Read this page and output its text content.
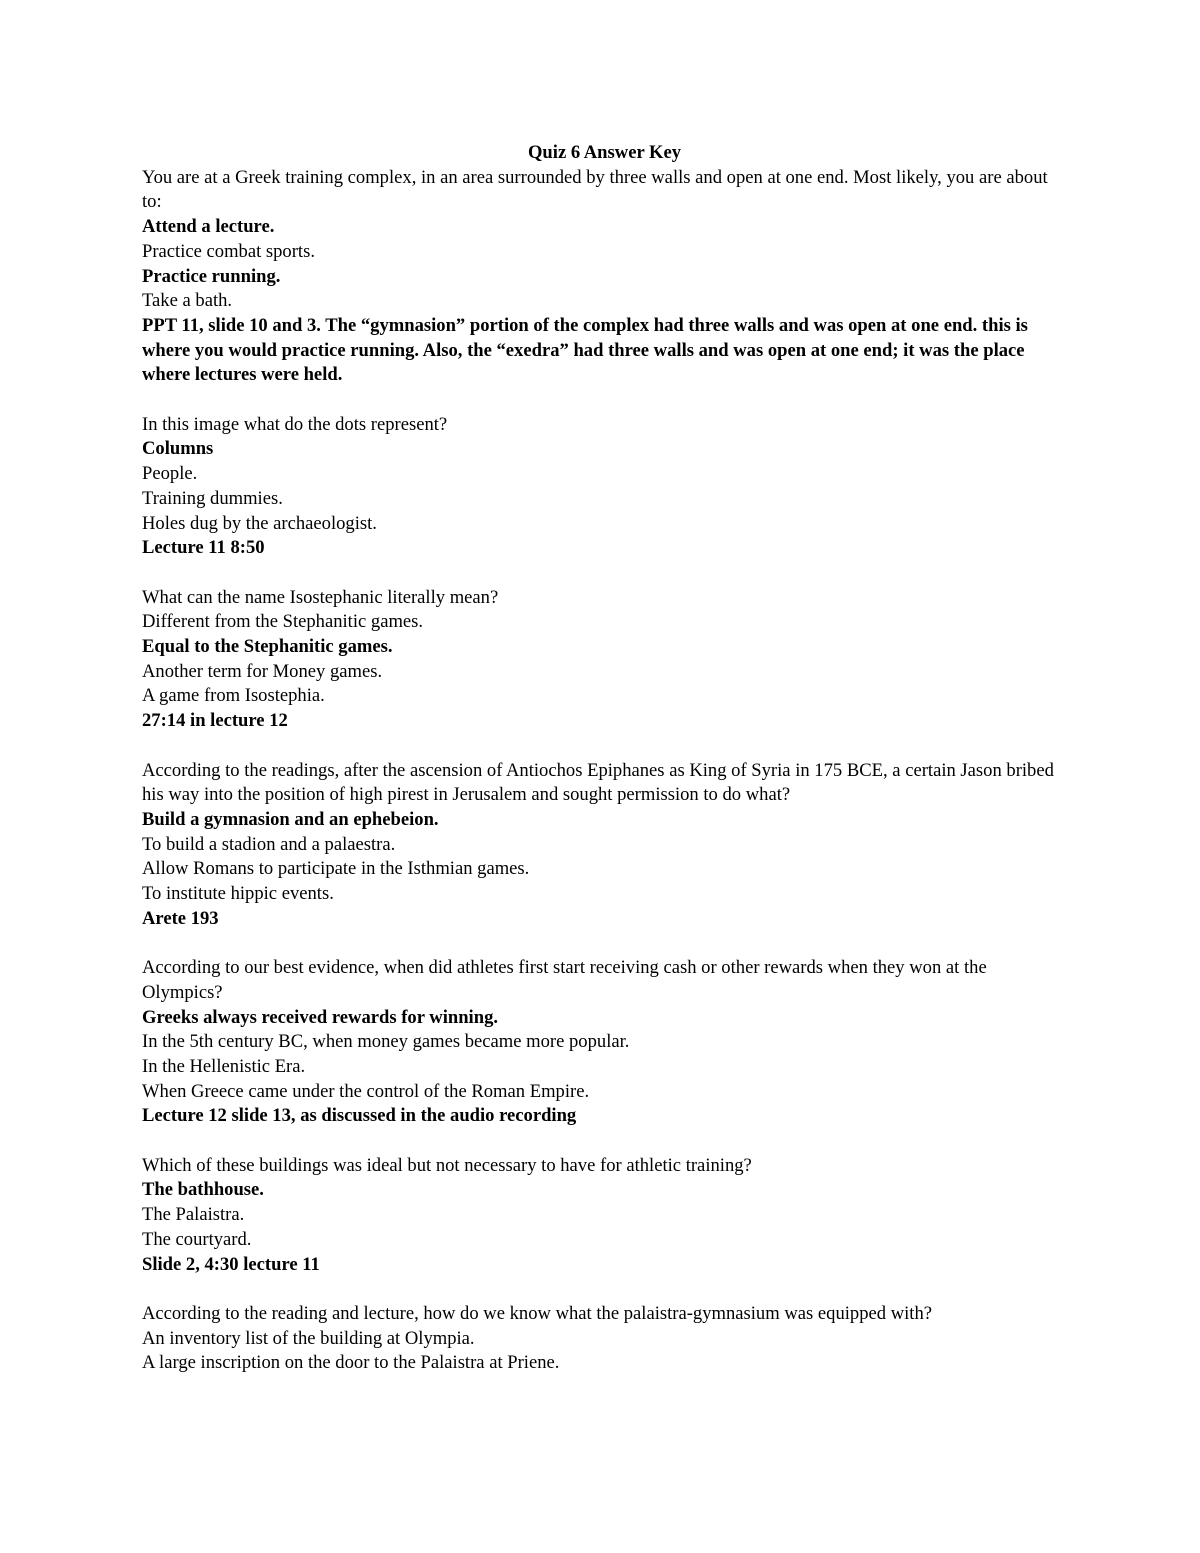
Quiz 6 Answer Key

You are at a Greek training complex, in an area surrounded by three walls and open at one end. Most likely, you are about to:

Attend a lecture.

Practice combat sports.

Practice running.

Take a bath.

PPT 11, slide 10 and 3. The “gymnasion” portion of the complex had three walls and was open at one end. this is where you would practice running. Also, the “exedra” had three walls and was open at one end; it was the place where lectures were held.

In this image what do the dots represent?

Columns

People.

Training dummies.

Holes dug by the archaeologist.

Lecture 11 8:50

What can the name Isostephanic literally mean?

Different from the Stephanitic games.

Equal to the Stephanitic games.

Another term for Money games.

A game from Isostephia.

27:14 in lecture 12

According to the readings, after the ascension of Antiochos Epiphanes as King of Syria in 175 BCE, a certain Jason bribed his way into the position of high pirest in Jerusalem and sought permission to do what?

Build a gymnasion and an ephebeion.

To build a stadion and a palaestra.

Allow Romans to participate in the Isthmian games.

To institute hippic events.

Arete 193

According to our best evidence, when did athletes first start receiving cash or other rewards when they won at the Olympics?

Greeks always received rewards for winning.

In the 5th century BC, when money games became more popular.

In the Hellenistic Era.

When Greece came under the control of the Roman Empire.

Lecture 12 slide 13, as discussed in the audio recording

Which of these buildings was ideal but not necessary to have for athletic training?

The bathhouse.

The Palaistra.

The courtyard.

Slide 2, 4:30 lecture 11

According to the reading and lecture, how do we know what the palaistra-gymnasium was equipped with?

An inventory list of the building at Olympia.

A large inscription on the door to the Palaistra at Priene.
